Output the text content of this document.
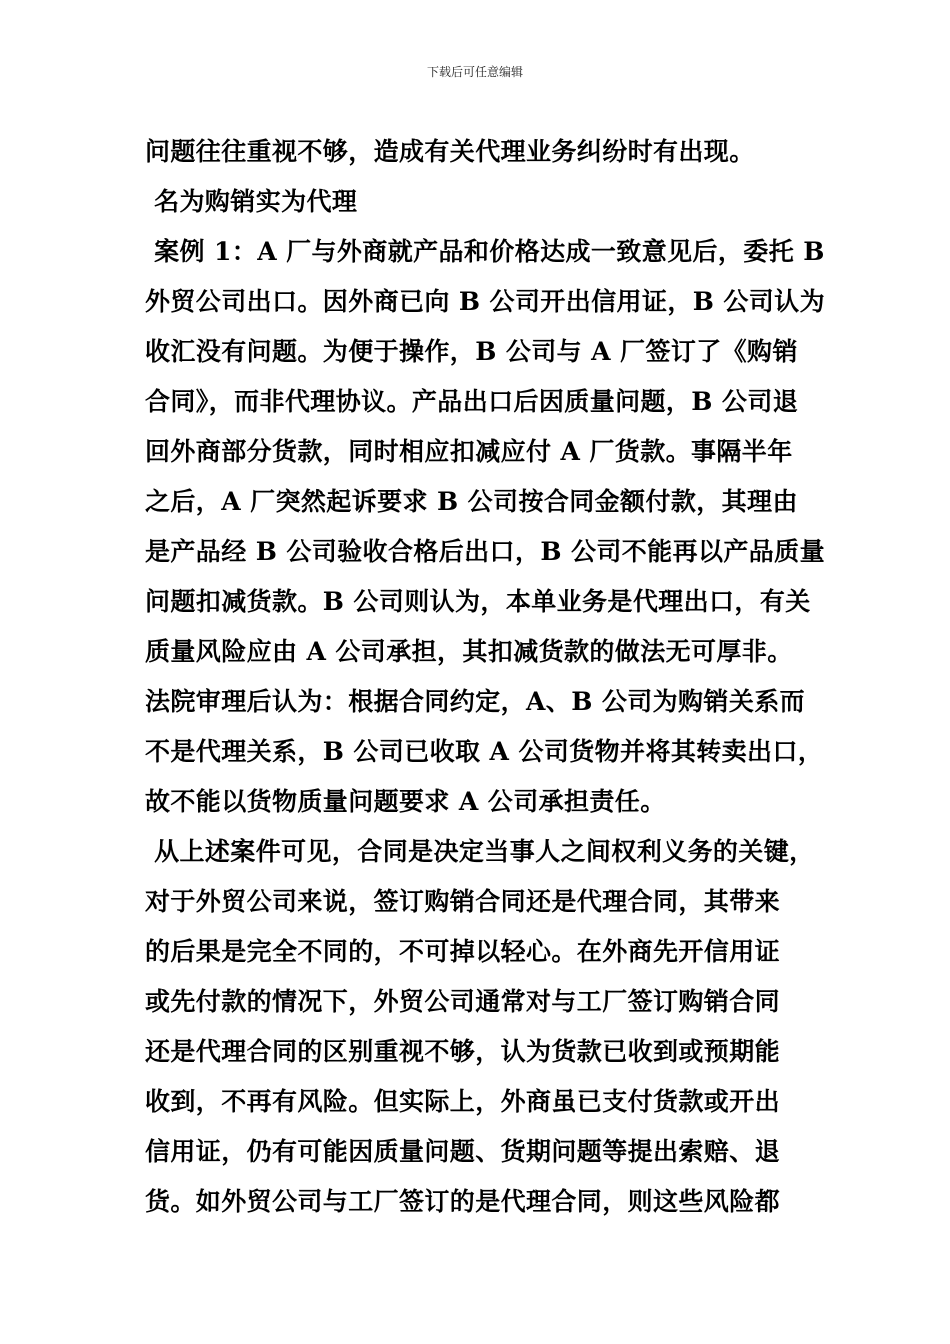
下载后可任意编辑
问题往往重视不够，造成有关代理业务纠纷时有出现。
名为购销实为代理
案例 1：A 厂与外商就产品和价格达成一致意见后，委托 B
外贸公司出口。因外商已向 B 公司开出信用证，B 公司认为
收汇没有问题。为便于操作，B 公司与 A 厂签订了《购销
合同》，而非代理协议。产品出口后因质量问题，B 公司退
回外商部分货款，同时相应扣减应付 A 厂货款。事隔半年
之后，A 厂突然起诉要求 B 公司按合同金额付款，其理由
是产品经 B 公司验收合格后出口，B 公司不能再以产品质量
问题扣减货款。B 公司则认为，本单业务是代理出口，有关
质量风险应由 A 公司承担，其扣减货款的做法无可厚非。
法院审理后认为：根据合同约定，A、B 公司为购销关系而
不是代理关系，B 公司已收取 A 公司货物并将其转卖出口，
故不能以货物质量问题要求 A 公司承担责任。
从上述案件可见，合同是决定当事人之间权利义务的关键，
对于外贸公司来说，签订购销合同还是代理合同，其带来
的后果是完全不同的，不可掉以轻心。在外商先开信用证
或先付款的情况下，外贸公司通常对与工厂签订购销合同
还是代理合同的区别重视不够，认为货款已收到或预期能
收到，不再有风险。但实际上，外商虽已支付货款或开出
信用证，仍有可能因质量问题、货期问题等提出索赔、退
货。如外贸公司与工厂签订的是代理合同，则这些风险都
